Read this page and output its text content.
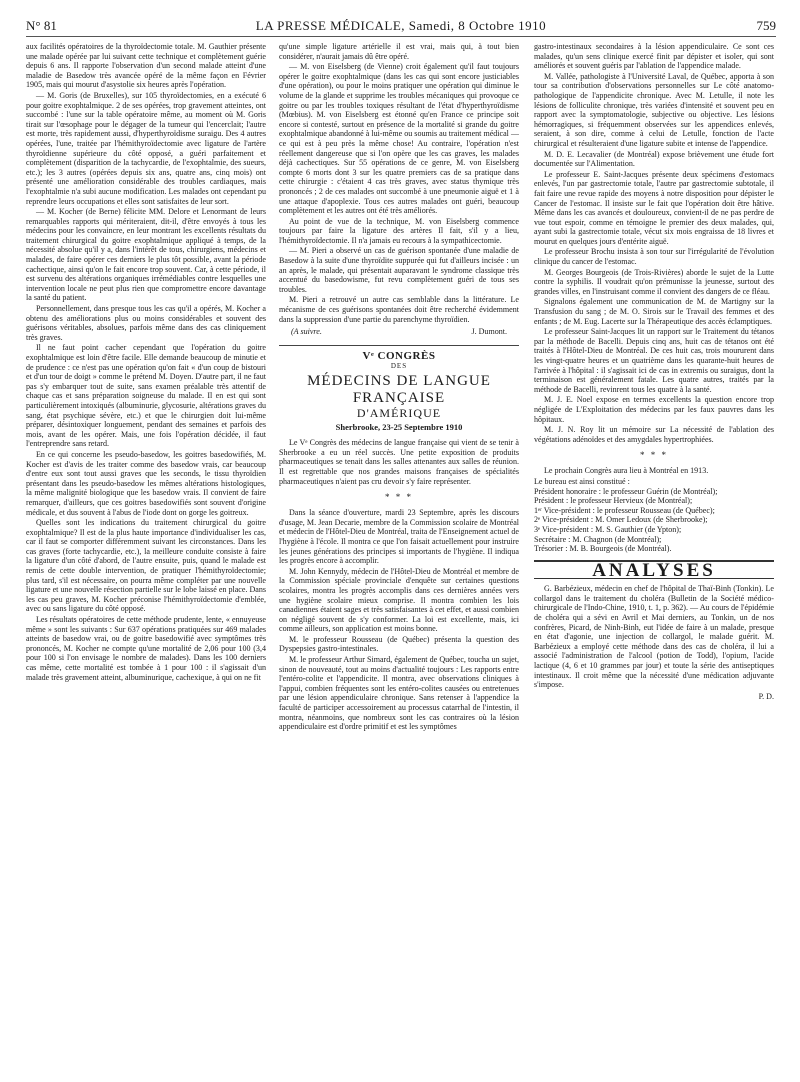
N° 81	LA PRESSE MÉDICALE, Samedi, 8 Octobre 1910	759

aux facilités opératoires de la thyroïdectomie totale. M. Gauthier présente une malade opérée par lui suivant cette technique et complètement guérie depuis 6 ans. Il rapporte l'observation d'un second malade atteint d'une maladie de Basedow très avancée opéré de la même façon en Février 1905, mais qui mourut d'asystolie six heures après l'opération.

— M. Goris (de Bruxelles), sur 105 thyroïdectomies, en a exécuté 6 pour goitre exophtalmique. 2 de ses opérées, trop gravement atteintes, ont succombé : l'une sur la table opératoire même, au moment où M. Goris tirait sur l'œsophage pour le dégager de la tumeur qui l'encerclait; l'autre est morte, très rapidement aussi, d'hyperthyroïdisme suraigu. Des 4 autres opérées, l'une, traitée par l'hémithyroïdectomie avec ligature de l'artère thyroïdienne supérieure du côté opposé, a guéri parfaitement et complètement (disparition de la tachycardie, de l'exophtalmie, des sueurs, etc.); les 3 autres (opérées depuis six ans, quatre ans, cinq mois) ont présenté une amélioration considérable des troubles cardiaques, mais l'exophtalmie n'a subi aucune modification. Les malades ont cependant pu reprendre leurs occupations et elles sont satisfaites de leur sort.

— M. Kocher (de Berne) félicite MM. Delore et Lenormant de leurs remarquables rapports qui mériteraient, dit-il, d'être envoyés à tous les médecins pour les convaincre, en leur montrant les excellents résultats du traitement chirurgical du goitre exophtalmique appliqué à temps, de la nécessité absolue qu'il y a, dans l'intérêt de tous, chirurgiens, médecins et malades, de faire opérer ces derniers le plus tôt possible, avant la période cachectique, ainsi qu'on le fait encore trop souvent. Car, à cette période, il est survenu des altérations organiques irrémédiables contre lesquelles une intervention locale ne peut plus rien que compromettre encore davantage la santé du patient.

Personnellement, dans presque tous les cas qu'il a opérés, M. Kocher a obtenu des améliorations plus ou moins considérables et souvent des guérisons véritables, absolues, parfois même dans des cas cliniquement très graves.

Il ne faut point cacher cependant que l'opération du goitre exophtalmique est loin d'être facile. Elle demande beaucoup de minutie et de prudence : ce n'est pas une opération qu'on fait « d'un coup de bistouri et d'un tour de doigt » comme le prétend M. Doyen. D'autre part, il ne faut pas s'y embarquer tout de suite, sans examen préalable très attentif de chaque cas et sans préparation soigneuse du malade. Il en est qui sont particulièrement intoxiqués (albuminurie, glycosurie, altérations graves du sang, état psychique sévère, etc.) et que le chirurgien doit lui-même préparer, désintoxiquer longuement, pendant des semaines et parfois des mois, avant de les opérer. Mais, une fois l'opération décidée, il faut l'entreprendre sans retard.

En ce qui concerne les pseudo-basedow, les goitres basedowifiés, M. Kocher est d'avis de les traiter comme des basedow vrais, car beaucoup d'entre eux sont tout aussi graves que les seconds, le tissu thyroïdien présentant dans les pseudo-basedow les mêmes altérations histologiques, la même malignité biologique que les basedow vrais. Il convient de faire remarquer, d'ailleurs, que ces goitres basedowifiés sont souvent d'origine médicale, et dus souvent à l'abus de l'iode dont on gorge les goitreux.

Quelles sont les indications du traitement chirurgical du goitre exophtalmique? Il est de la plus haute importance d'individualiser les cas, car il faut se comporter différemment suivant les circonstances. Dans les cas graves (forte tachycardie, etc.), la meilleure conduite consiste à faire la ligature d'un côté d'abord, de l'autre ensuite, puis, quand le malade est remis de cette double intervention, de pratiquer l'hémithyroïdectomie; plus tard, s'il est nécessaire, on pourra même compléter par une nouvelle ligature et une nouvelle résection partielle sur le lobe laissé en place. Dans les cas peu graves, M. Kocher préconise l'hémithyroïdectomie d'emblée, avec ou sans ligature du côté opposé.

Les résultats opératoires de cette méthode prudente, lente, « ennuyeuse même » sont les suivants : Sur 637 opérations pratiquées sur 469 malades atteints de basedow vrai, ou de goitre basedowifié avec symptômes très prononcés, M. Kocher ne compte qu'une mortalité de 2,06 pour 100 (3,4 pour 100 si l'on envisage le nombre de malades). Dans les 100 derniers cas même, cette mortalité est tombée à 1 pour 100 : il s'agissait d'un malade très gravement atteint, albuminurique, cachexique, à qui on ne fit

qu'une simple ligature artérielle il est vrai, mais qui, à tout bien considérer, n'aurait jamais dû être opéré.

— M. von Eiselsberg (de Vienne) croit également qu'il faut toujours opérer le goitre exophtalmique (dans les cas qui sont encore justiciables d'une opération), ou pour le moins pratiquer une opération qui diminue le volume de la glande et supprime les troubles mécaniques qui provoque ce goitre ou par les troubles toxiques résultant de l'état d'hyperthyroïdisme (Mœbius). M. von Eiselsberg est étonné qu'en France ce principe soit encore si contesté, surtout en présence de la mortalité si grande du goitre exophtalmique abandonné à lui-même ou soumis au traitement médical — ce qui est à peu près la même chose! Au contraire, l'opération n'est réellement dangereuse que si l'on opère que les cas graves, les malades déjà cachectiques. Sur 55 opérations de ce genre, M. von Eiselsberg compte 6 morts dont 3 sur les quatre premiers cas de sa pratique dans cette chirurgie : c'étaient 4 cas très graves, avec status thymique très prononcés ; 2 de ces malades ont succombé à une pneumonie aiguë et 1 à une attaque d'apoplexie. Tous ces autres malades ont guéri, beaucoup complètement et les autres ont été très améliorés.

Au point de vue de la technique, M. von Eiselsberg commence toujours par faire la ligature des artères Il fait, s'il y a lieu, l'hémithyroïdectomie. Il n'a jamais eu recours à la sympathicectomie.

— M. Pieri a observé un cas de guérison spontanée d'une maladie de Basedow à la suite d'une thyroïdite suppurée qui fut d'ailleurs incisée : un an après, le malade, qui présentait auparavant le syndrome classique très accentué du basedowisme, fut revu complètement guéri de tous ses troubles.

M. Pieri a retrouvé un autre cas semblable dans la littérature. Le mécanisme de ces guérisons spontanées doit être recherché évidemment dans la suppression d'une partie du parenchyme thyroïdien.

(A suivre.	J. Dumont.
Vᵉ CONGRÈS
DES
MÉDECINS DE LANGUE FRANÇAISE
D'AMÉRIQUE
Sherbrooke, 23-25 Septembre 1910

Le Vᵉ Congrès des médecins de langue française qui vient de se tenir à Sherbrooke a eu un réel succès. Une petite exposition de produits pharmaceutiques se tenait dans les salles attenantes aux salles de réunion. Il est regrettable que nos grandes maisons françaises de spécialités pharmaceutiques n'aient pas cru devoir s'y faire représenter.

* * *

Dans la séance d'ouverture, mardi 23 Septembre, après les discours d'usage, M. Jean Decarie, membre de la Commission scolaire de Montréal et médecin de l'Hôtel-Dieu de Montréal, traita de l'Enseignement actuel de l'hygiène à l'école. Il montra ce que l'on faisait actuellement pour instruire les jeunes générations des principes si importants de l'hygiène. Il indiqua les progrès encore à accomplir.

M. John Kennydy, médecin de l'Hôtel-Dieu de Montréal et membre de la Commission spéciale provinciale d'enquête sur certaines questions scolaires, montra les progrès accomplis dans ces dernières années vers une hygiène scolaire mieux comprise. Il montra combien les lois canadiennes étaient sages et très satisfaisantes à cet effet, et aussi combien on négligé souvent de s'y conformer. La loi est excellente, mais, ici comme ailleurs, son application est moins bonne.

M. le professeur Rousseau (de Québec) présenta la question des Dyspepsies gastro-intestinales.

M. le professeur Arthur Simard, également de Québec, toucha un sujet, sinon de nouveauté, tout au moins d'actualité toujours : Les rapports entre l'entéro-colite et l'appendicite. Il montra, avec observations cliniques à l'appui, combien fréquentes sont les entéro-colites causées ou entretenues par une lésion appendiculaire chronique. Sans retenser à l'appendice la faculté de participer accessoirement au processus catarrhal de l'intestin, il montra, néanmoins, que nombreux sont les cas contraires où la lésion appendiculaire est d'ordre primitif et est les symptômes

gastro-intestinaux secondaires à la lésion appendiculaire. Ce sont ces malades, qu'un sens clinique exercé finit par dépister et isoler, qui sont améliorés et souvent guéris par l'ablation de l'appendice malade.

M. Vallée, pathologiste à l'Université Laval, de Québec, apporta à son tour sa contribution d'observations personnelles sur Le côté anatomo-pathologique de l'appendicite chronique. Avec M. Letulle, il note les lésions de folliculite chronique, très variées d'intensité et souvent peu en rapport avec la symptomatologie, subjective ou objective. Les lésions hémorragiques, si fréquemment observées sur les appendices enlevés, seraient, à son dire, comme à celui de Letulle, fonction de l'acte chirurgical et résulteraient d'une ligature subite et intense de l'appendice.

M. D. E. Lecavalier (de Montréal) expose brièvement une étude fort documentée sur l'Alimentation.

Le professeur E. Saint-Jacques présente deux spécimens d'estomacs enlevés, l'un par gastrectomie totale, l'autre par gastrectomie subtotale, il fait faire une revue rapide des moyens à notre disposition pour dépister le Cancer de l'estomac. Il insiste sur le fait que l'opération doit être hâtive. Même dans les cas avancés et douloureux, convient-il de ne pas perdre de vue tout espoir, comme en témoigne le premier des deux malades, qui, ayant subi la gastrectomie totale, vécut six mois engraissa de 18 livres et mourut en quelques jours d'entérite aiguë.

Le professeur Brochu insista à son tour sur l'irrégularité de l'évolution clinique du cancer de l'estomac.

M. Georges Bourgeois (de Trois-Rivières) aborde le sujet de la Lutte contre la syphilis. Il voudrait qu'on prémunisse la jeunesse, surtout des grandes villes, en l'instruisant comme il convient des dangers de ce fléau.

Signalons également une communication de M. de Martigny sur la Transfusion du sang ; de M. O. Sirois sur le Travail des femmes et des enfants ; de M. Eug. Lacerte sur la Thérapeutique des accès éclamptiques.

Le professeur Saint-Jacques lit un rapport sur le Traitement du tétanos par la méthode de Bacelli. Depuis cinq ans, huit cas de tétanos ont été traités à l'Hôtel-Dieu de Montréal. De ces huit cas, trois moururent dans les vingt-quatre heures et un quatrième dans les quarante-huit heures de l'arrivée à l'hôpital : il s'agissait ici de cas in extremis ou suraigus, dont la terminaison est généralement fatale. Les quatre autres, traités par la méthode de Bacelli, revinrent tous les quatre à la santé.

M. J. E. Noel expose en termes excellents la question encore trop négligée de L'Exploitation des médecins par les faux pauvres dans les hôpitaux.

M. J. N. Roy lit un mémoire sur La nécessité de l'ablation des végétations adénoïdes et des amygdales hypertrophiées.

* * *

Le prochain Congrès aura lieu à Montréal en 1913.

Le bureau est ainsi constitué :

Président honoraire : le professeur Guérin (de Montréal);

Président : le professeur Hervieux (de Montréal);

1ᵉʳ Vice-président : le professeur Rousseau (de Québec);

2ᵉ Vice-président : M. Omer Ledoux (de Sherbrooke);

3ᵉ Vice-président : M. S. Gauthier (de Ypton);

Secrétaire : M. Chagnon (de Montréal);

Trésorier : M. B. Bourgeois (de Montréal).

ANALYSES

G. Barbézieux, médecin en chef de l'hôpital de Thaï-Binh (Tonkin). Le collargol dans le traitement du choléra (Bulletin de la Société médico-chirurgicale de l'Indo-Chine, 1910, t. 1, p. 362). — Au cours de l'épidémie de choléra qui a sévi en Avril et Mai derniers, au Tonkin, un de nos confrères, Picard, de Ninh-Binh, eut l'idée de faire à un malade, presque en état d'agonie, une injection de collargol, le malade guérit. M. Barbézieux a employé cette méthode dans des cas de choléra, il lui a associé l'administration de l'alcool (potion de Todd), l'opium, l'acide lactique (4, 6 et 10 grammes par jour) et toute la série des antiseptiques intestinaux. Il croit même que la nécessité d'une médication adjuvante s'impose.

P. D.
